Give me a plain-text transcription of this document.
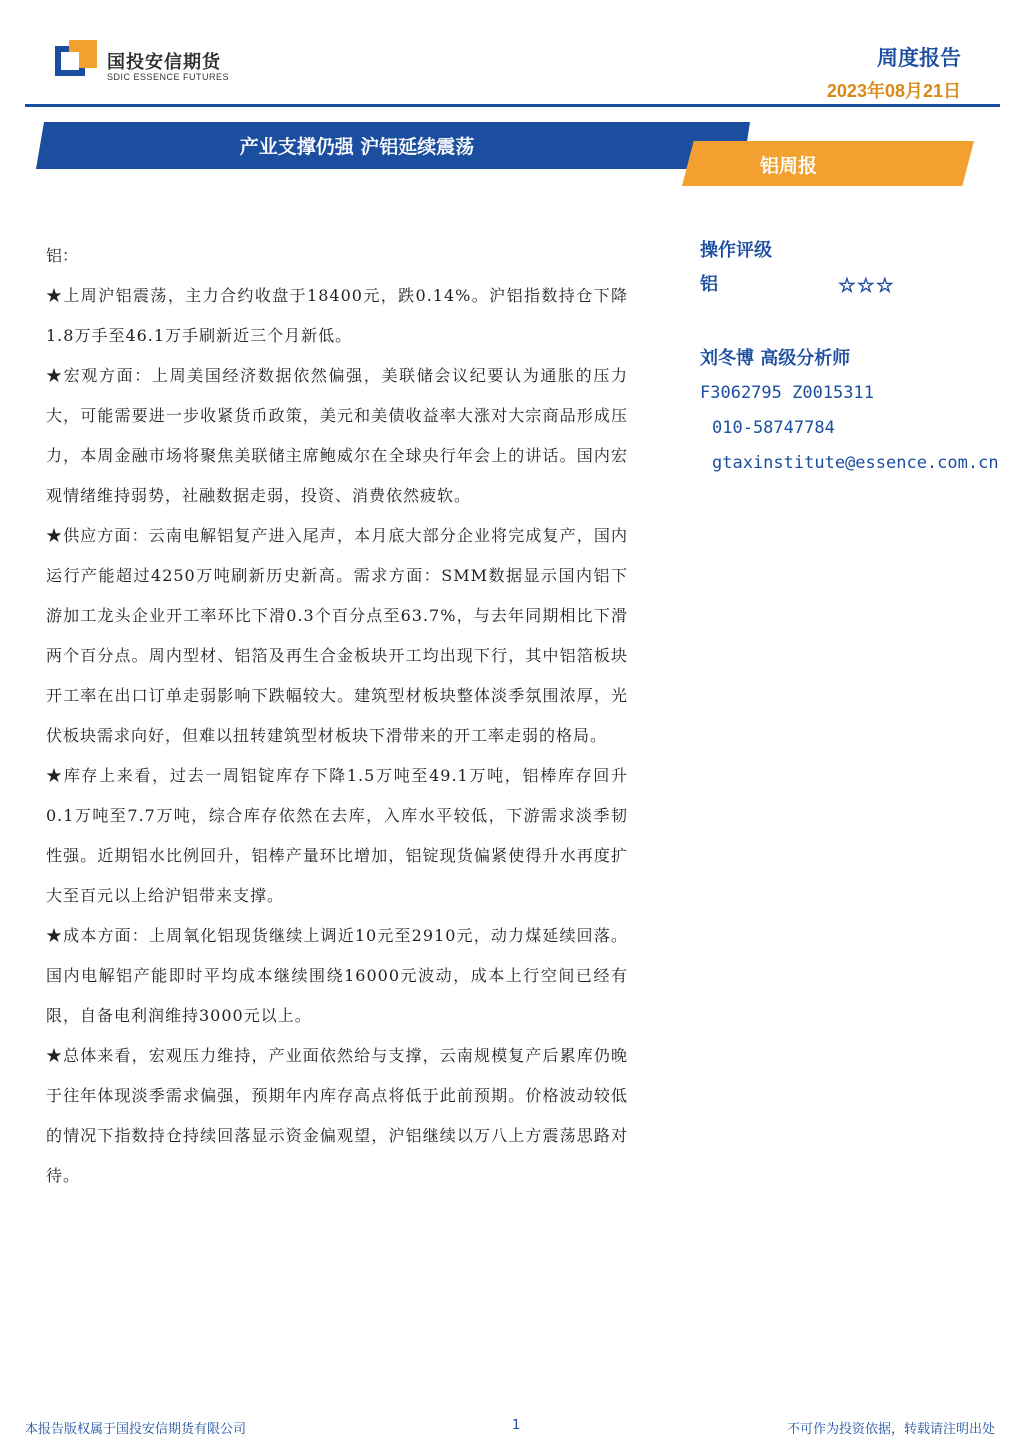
国投安信期货
SDIC ESSENCE FUTURES
周度报告
2023年08月21日
产业支撑仍强 沪铝延续震荡
铝周报

铝：

★上周沪铝震荡，主力合约收盘于18400元，跌0.14%。沪铝指数持仓下降1.8万手至46.1万手刷新近三个月新低。

★宏观方面：上周美国经济数据依然偏强，美联储会议纪要认为通胀的压力大，可能需要进一步收紧货币政策，美元和美债收益率大涨对大宗商品形成压力，本周金融市场将聚焦美联储主席鲍威尔在全球央行年会上的讲话。国内宏观情绪维持弱势，社融数据走弱，投资、消费依然疲软。

★供应方面：云南电解铝复产进入尾声，本月底大部分企业将完成复产，国内运行产能超过4250万吨刷新历史新高。需求方面：SMM数据显示国内铝下游加工龙头企业开工率环比下滑0.3个百分点至63.7%，与去年同期相比下滑两个百分点。周内型材、铝箔及再生合金板块开工均出现下行，其中铝箔板块开工率在出口订单走弱影响下跌幅较大。建筑型材板块整体淡季氛围浓厚，光伏板块需求向好，但难以扭转建筑型材板块下滑带来的开工率走弱的格局。

★库存上来看，过去一周铝锭库存下降1.5万吨至49.1万吨，铝棒库存回升0.1万吨至7.7万吨，综合库存依然在去库，入库水平较低，下游需求淡季韧性强。近期铝水比例回升，铝棒产量环比增加，铝锭现货偏紧使得升水再度扩大至百元以上给沪铝带来支撑。

★成本方面：上周氧化铝现货继续上调近10元至2910元，动力煤延续回落。国内电解铝产能即时平均成本继续围绕16000元波动，成本上行空间已经有限，自备电利润维持3000元以上。

★总体来看，宏观压力维持，产业面依然给与支撑，云南规模复产后累库仍晚于往年体现淡季需求偏强，预期年内库存高点将低于此前预期。价格波动较低的情况下指数持仓持续回落显示资金偏观望，沪铝继续以万八上方震荡思路对待。

操作评级
铝	☆☆☆
刘冬博 高级分析师
F3062795 Z0015311
010-58747784
gtaxinstitute@essence.com.cn
本报告版权属于国投安信期货有限公司	1	不可作为投资依据，转载请注明出处
